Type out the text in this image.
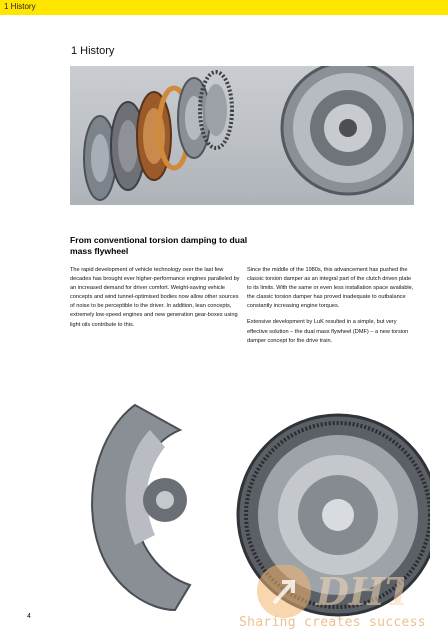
1 History
1 History
From conventional torsion damping to dual mass flywheel

The rapid development of vehicle technology over the last few decades has brought ever higher-performance engines paralleled by an increased demand for driver comfort. Weight-saving vehicle concepts and wind tunnel-optimised bodies now allow other sources of noise to be perceptible to the driver. In addition, lean concepts, extremely low-speed engines and new generation gear-boxes using light oils contribute to this.

Since the middle of the 1980s, this advancement has pushed the classic torsion damper as an integral part of the clutch driven plate to its limits. With the same or even less installation space available, the classic torsion damper has proved inadequate to outbalance constantly increasing engine torques.

Extensive development by LuK resulted in a simple, but very effective solution – the dual mass flywheel (DMF) – a new torsion damper concept for the drive train.

DHT
Sharing creates success
4
